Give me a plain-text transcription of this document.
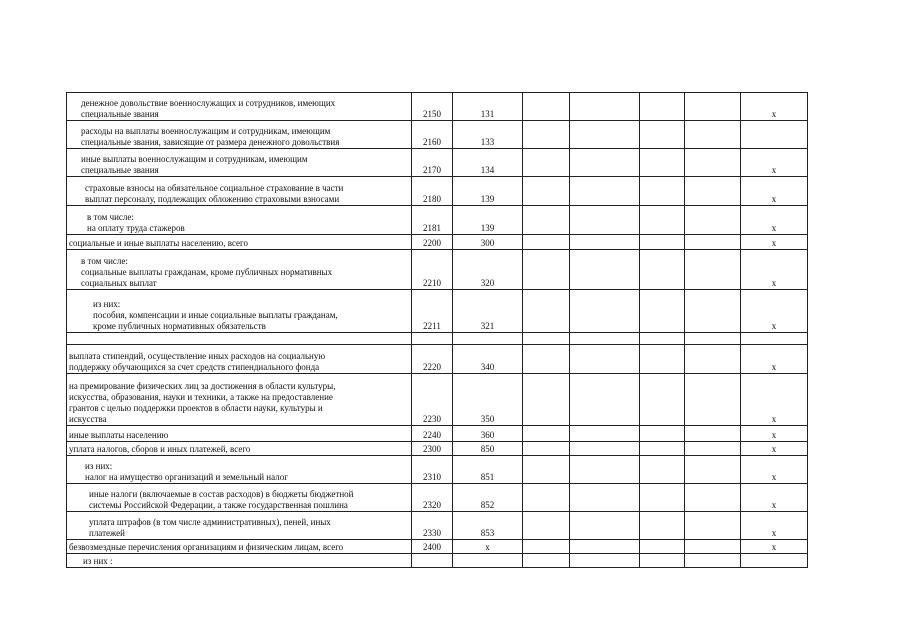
денежное довольствие военнослужащих и сотрудников, имеющих
специальные звания	2150	131					x
расходы на выплаты военнослужащим и сотрудникам, имеющим
специальные звания, зависящие от размера денежного довольствия	2160	133					
иные выплаты военнослужащим и сотрудникам, имеющим
специальные звания	2170	134					x
страховые взносы на обязательное социальное страхование в части
выплат персоналу, подлежащих обложению страховыми взносами	2180	139					x
в том числе:
на оплату труда стажеров	2181	139					x
социальные и иные выплаты населению, всего	2200	300					x
в том числе:
социальные выплаты гражданам, кроме публичных нормативных
социальных выплат	2210	320					x
из них:
пособия, компенсации и иные социальные выплаты гражданам,
кроме публичных нормативных обязательств	2211	321					x

выплата стипендий, осуществление иных расходов на социальную
поддержку обучающихся за счет средств стипендиального фонда	2220	340					x
на премирование физических лиц за достижения в области культуры,
искусства, образования, науки и техники, а также на предоставление
грантов с целью поддержки проектов в области науки, культуры и
искусства	2230	350					x
иные выплаты населению	2240	360					x
уплата налогов, сборов и иных платежей, всего	2300	850					x
из них:
налог на имущество организаций и земельный налог	2310	851					x
иные налоги (включаемые в состав расходов) в бюджеты бюджетной
системы Российской Федерации, а также государственная пошлина	2320	852					x
уплата штрафов (в том числе административных), пеней, иных
платежей	2330	853					x
безвозмездные перечисления организациям и физическим лицам, всего	2400	x					x
из них :							
